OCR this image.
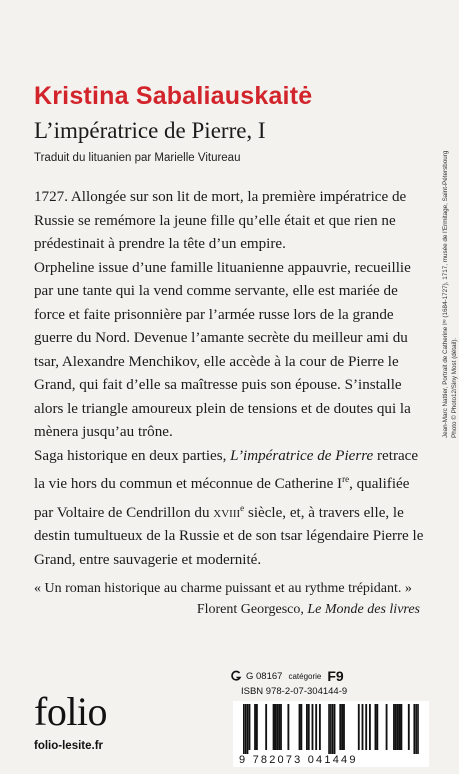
Kristina Sabaliauskaitė
L’impératrice de Pierre, I
Traduit du lituanien par Marielle Vitureau

1727. Allongée sur son lit de mort, la première impératrice de Russie se remémore la jeune fille qu’elle était et que rien ne prédestinait à prendre la tête d’un empire.

Orpheline issue d’une famille lituanienne appauvrie, recueillie par une tante qui la vend comme servante, elle est mariée de force et faite prisonnière par l’armée russe lors de la grande guerre du Nord. Devenue l’amante secrète du meilleur ami du tsar, Alexandre Menchikov, elle accède à la cour de Pierre le Grand, qui fait d’elle sa maîtresse puis son épouse. S’installe alors le triangle amoureux plein de tensions et de doutes qui la mènera jusqu’au trône.

Saga historique en deux parties, L’impératrice de Pierre retrace la vie hors du commun et méconnue de Catherine Ire, qualifiée par Voltaire de Cendrillon du xviii$^e$ siècle, et, à travers elle, le destin tumultueux de la Russie et de son tsar légendaire Pierre le Grand, entre sauvagerie et modernité.

« Un roman historique au charme puissant et au rythme trépidant. »
Florent Georgesco, Le Monde des livres
Jean-Marc Nattier, Portrait de Catherine Iʳᵉ (1684-1727), 1717, musée de l’Ermitage, Saint-Pétersbourg Photo © Photo12/Siny Most (détail).
folio
folio-lesite.fr
G 08167 catégorie F9
ISBN 978-2-07-304144-9
9 782073 041449
